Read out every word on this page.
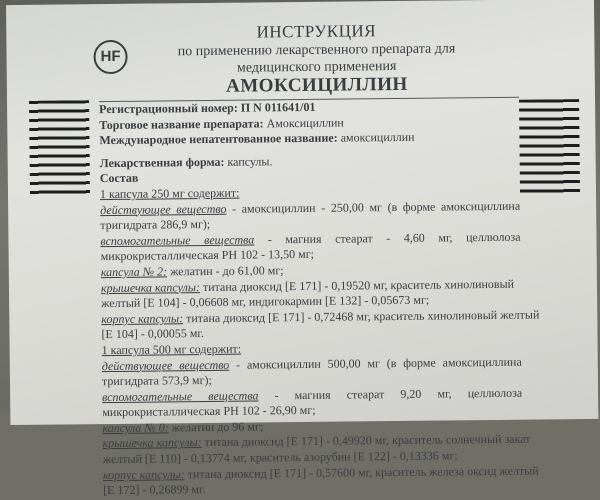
HF
ИНСТРУКЦИЯ
по применению лекарственного препарата для
медицинского применения
АМОКСИЦИЛЛИН
Регистрационный номер: П N 011641/01
Торговое название препарата: Амоксициллин
Международное непатентованное название: амоксициллин
Лекарственная форма: капсулы.
Состав
1 капсула 250 мг содержит:
действующее вещество - амоксициллин - 250,00 мг (в форме амоксициллина
тригидрата 286,9 мг);
вспомогательные вещества - магния стеарат - 4,60 мг, целлюлоза
микрокристаллическая РН 102 - 13,50 мг;
капсула № 2: желатин - до 61,00 мг;
крышечка капсулы: титана диоксид [Е 171] - 0,19520 мг, краситель хинолиновый
желтый [Е 104] - 0,06608 мг, индигокармин [Е 132] - 0,05673 мг;
корпус капсулы: титана диоксид [Е 171] - 0,72468 мг, краситель хинолиновый желтый
[Е 104] - 0,00055 мг.
1 капсула 500 мг содержит:
действующее вещество - амоксициллин 500,00 мг (в форме амоксициллина
тригидрата 573,9 мг);
вспомогательные вещества - магния стеарат 9,20 мг, целлюлоза
микрокристаллическая РН 102 - 26,90 мг;
капсула № 0: желатин до 96 мг;
крышечка капсулы: титана диоксид [Е 171] - 0,49920 мг, краситель солнечный закат
желтый [Е 110] - 0,13774 мг, краситель азорубин [Е 122] - 0,13336 мг;
корпус капсулы: титана диоксид [Е 171] - 0,57600 мг, краситель железа оксид желтый
[Е 172] - 0,26899 мг.
